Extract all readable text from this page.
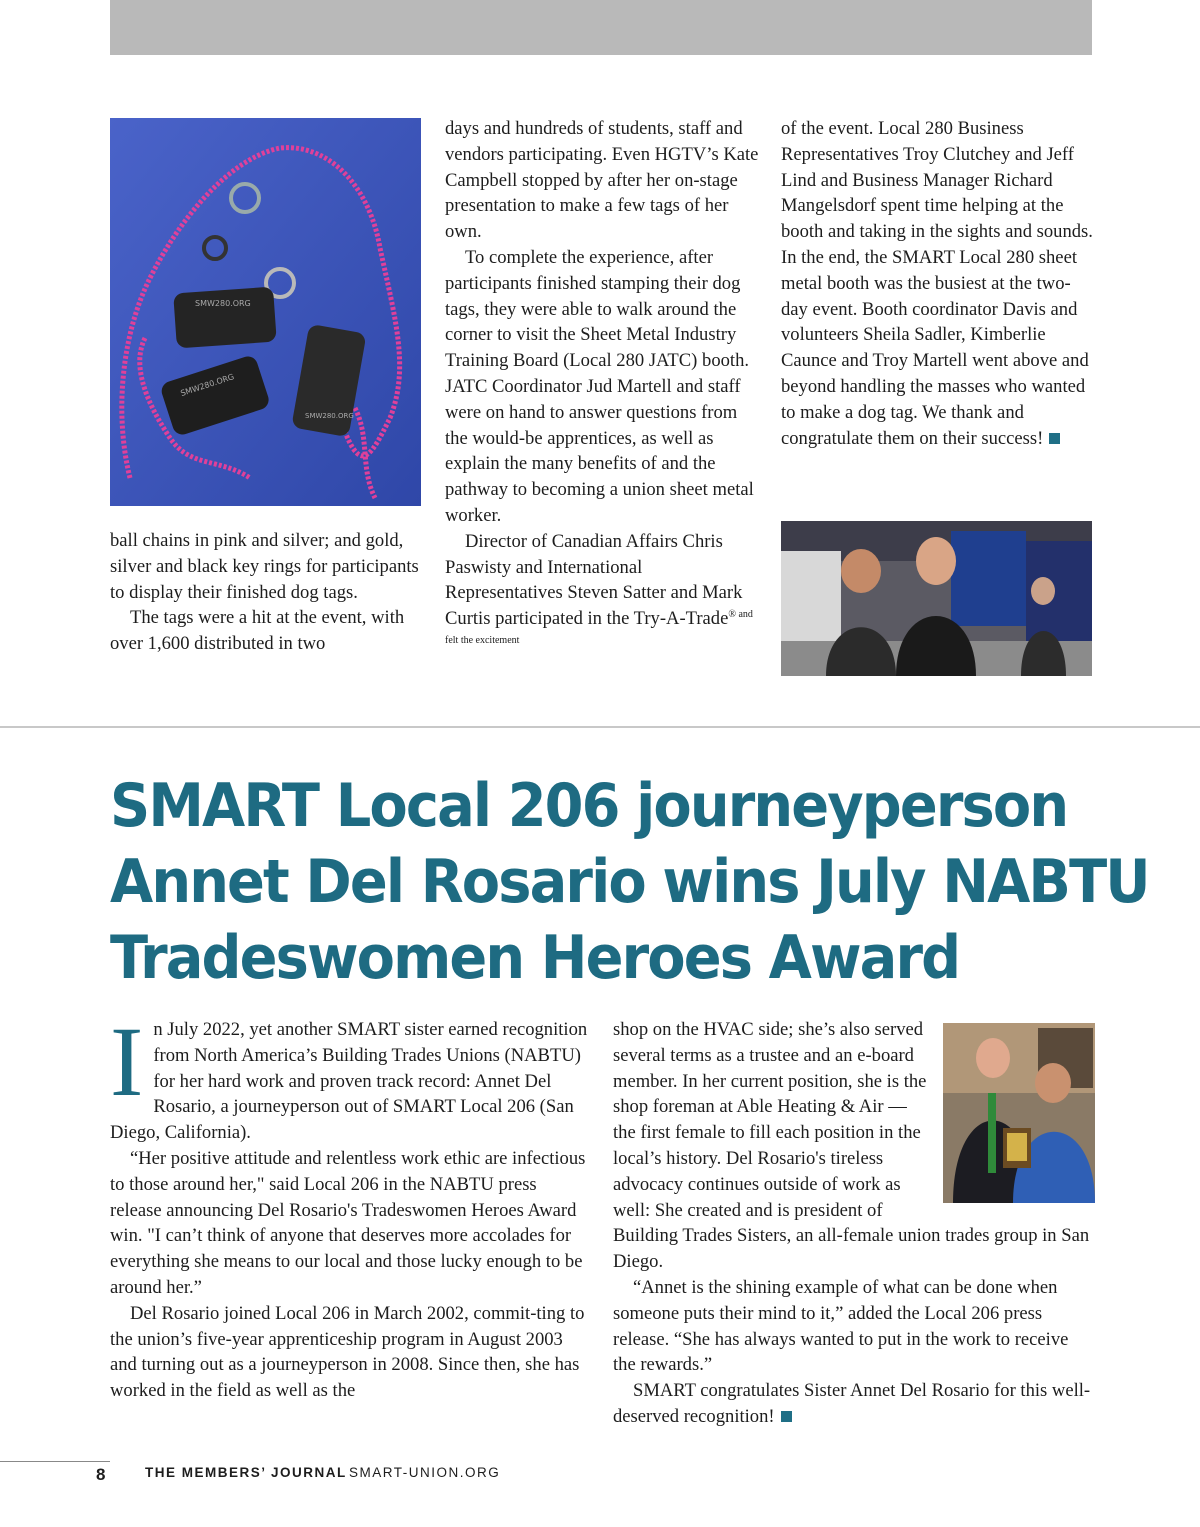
SMW280.ORG
SMW280.ORG
SMW280.ORG

ball chains in pink and silver; and gold, silver and black key rings for participants to display their finished dog tags.

The tags were a hit at the event, with over 1,600 distributed in two

days and hundreds of students, staff and vendors participating. Even HGTV’s Kate Campbell stopped by after her on-stage presentation to make a few tags of her own.

To complete the experience, after participants finished stamping their dog tags, they were able to walk around the corner to visit the Sheet Metal Industry Training Board (Local 280 JATC) booth. JATC Coordinator Jud Martell and staff were on hand to answer questions from the would-be apprentices, as well as explain the many benefits of and the pathway to becoming a union sheet metal worker.

Director of Canadian Affairs Chris Paswisty and International Representatives Steven Satter and Mark Curtis participated in the Try-A-Trade$^{® and felt the excitement}$

of the event. Local 280 Business Representatives Troy Clutchey and Jeff Lind and Business Manager Richard Mangelsdorf spent time helping at the booth and taking in the sights and sounds. In the end, the SMART Local 280 sheet metal booth was the busiest at the two-day event. Booth coordinator Davis and volunteers Sheila Sadler, Kimberlie Caunce and Troy Martell went above and beyond handling the masses who wanted to make a dog tag. We thank and congratulate them on their success!

SMART Local 206 journeyperson
Annet Del Rosario wins July NABTU
Tradeswomen Heroes Award

In July 2022, yet another SMART sister earned recognition from North America’s Building Trades Unions (NABTU) for her hard work and proven track record: Annet Del Rosario, a journeyperson out of SMART Local 206 (San Diego, California).

“Her positive attitude and relentless work ethic are infectious to those around her," said Local 206 in the NABTU press release announcing Del Rosario's Tradeswomen Heroes Award win. "I can’t think of anyone that deserves more accolades for everything she means to our local and those lucky enough to be around her.”

Del Rosario joined Local 206 in March 2002, commit-ting to the union’s five-year apprenticeship program in August 2003 and turning out as a journeyperson in 2008. Since then, she has worked in the field as well as the

shop on the HVAC side; she’s also served several terms as a trustee and an e-board member. In her current position, she is the shop foreman at Able Heating & Air — the first female to fill each position in the local’s history. Del Rosario's tireless advocacy continues outside of work as well: She created and is president of Building Trades Sisters, an all-female union trades group in San Diego.

“Annet is the shining example of what can be done when someone puts their mind to it,” added the Local 206 press release. “She has always wanted to put in the work to receive the rewards.”

SMART congratulates Sister Annet Del Rosario for this well-deserved recognition!

8	THE MEMBERS’ JOURNAL SMART-UNION.ORG
